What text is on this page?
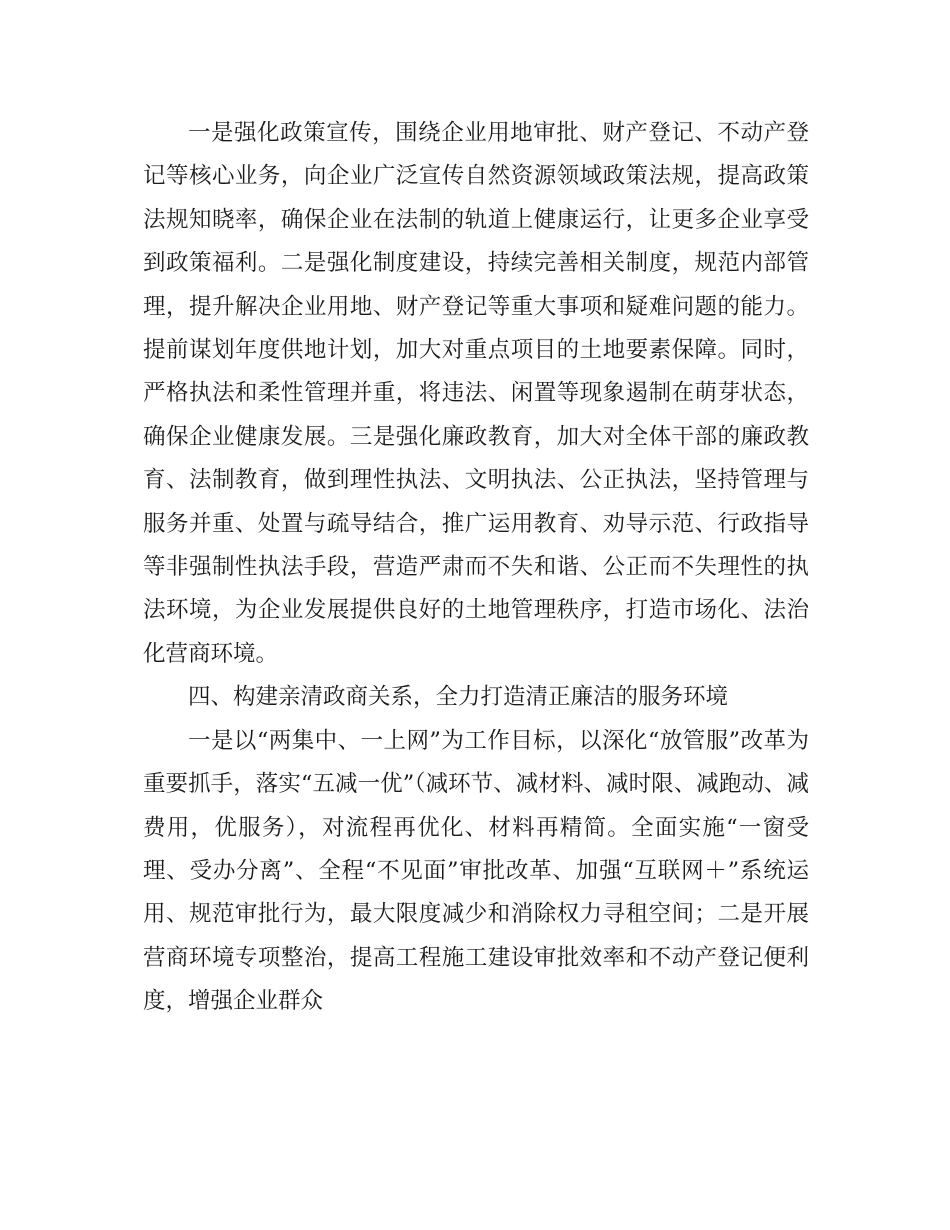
一是强化政策宣传，围绕企业用地审批、财产登记、不动产登记等核心业务，向企业广泛宣传自然资源领域政策法规，提高政策法规知晓率，确保企业在法制的轨道上健康运行，让更多企业享受到政策福利。二是强化制度建设，持续完善相关制度，规范内部管理，提升解决企业用地、财产登记等重大事项和疑难问题的能力。提前谋划年度供地计划，加大对重点项目的土地要素保障。同时，严格执法和柔性管理并重，将违法、闲置等现象遏制在萌芽状态，确保企业健康发展。三是强化廉政教育，加大对全体干部的廉政教育、法制教育，做到理性执法、文明执法、公正执法，坚持管理与服务并重、处置与疏导结合，推广运用教育、劝导示范、行政指导等非强制性执法手段，营造严肃而不失和谐、公正而不失理性的执法环境，为企业发展提供良好的土地管理秩序，打造市场化、法治化营商环境。

四、构建亲清政商关系，全力打造清正廉洁的服务环境

一是以“两集中、一上网”为工作目标，以深化“放管服”改革为重要抓手，落实“五减一优”（减环节、减材料、减时限、减跑动、减费用，优服务），对流程再优化、材料再精简。全面实施“一窗受理、受办分离”、全程“不见面”审批改革、加强“互联网＋”系统运用、规范审批行为，最大限度减少和消除权力寻租空间；二是开展营商环境专项整治，提高工程施工建设审批效率和不动产登记便利度，增强企业群众
